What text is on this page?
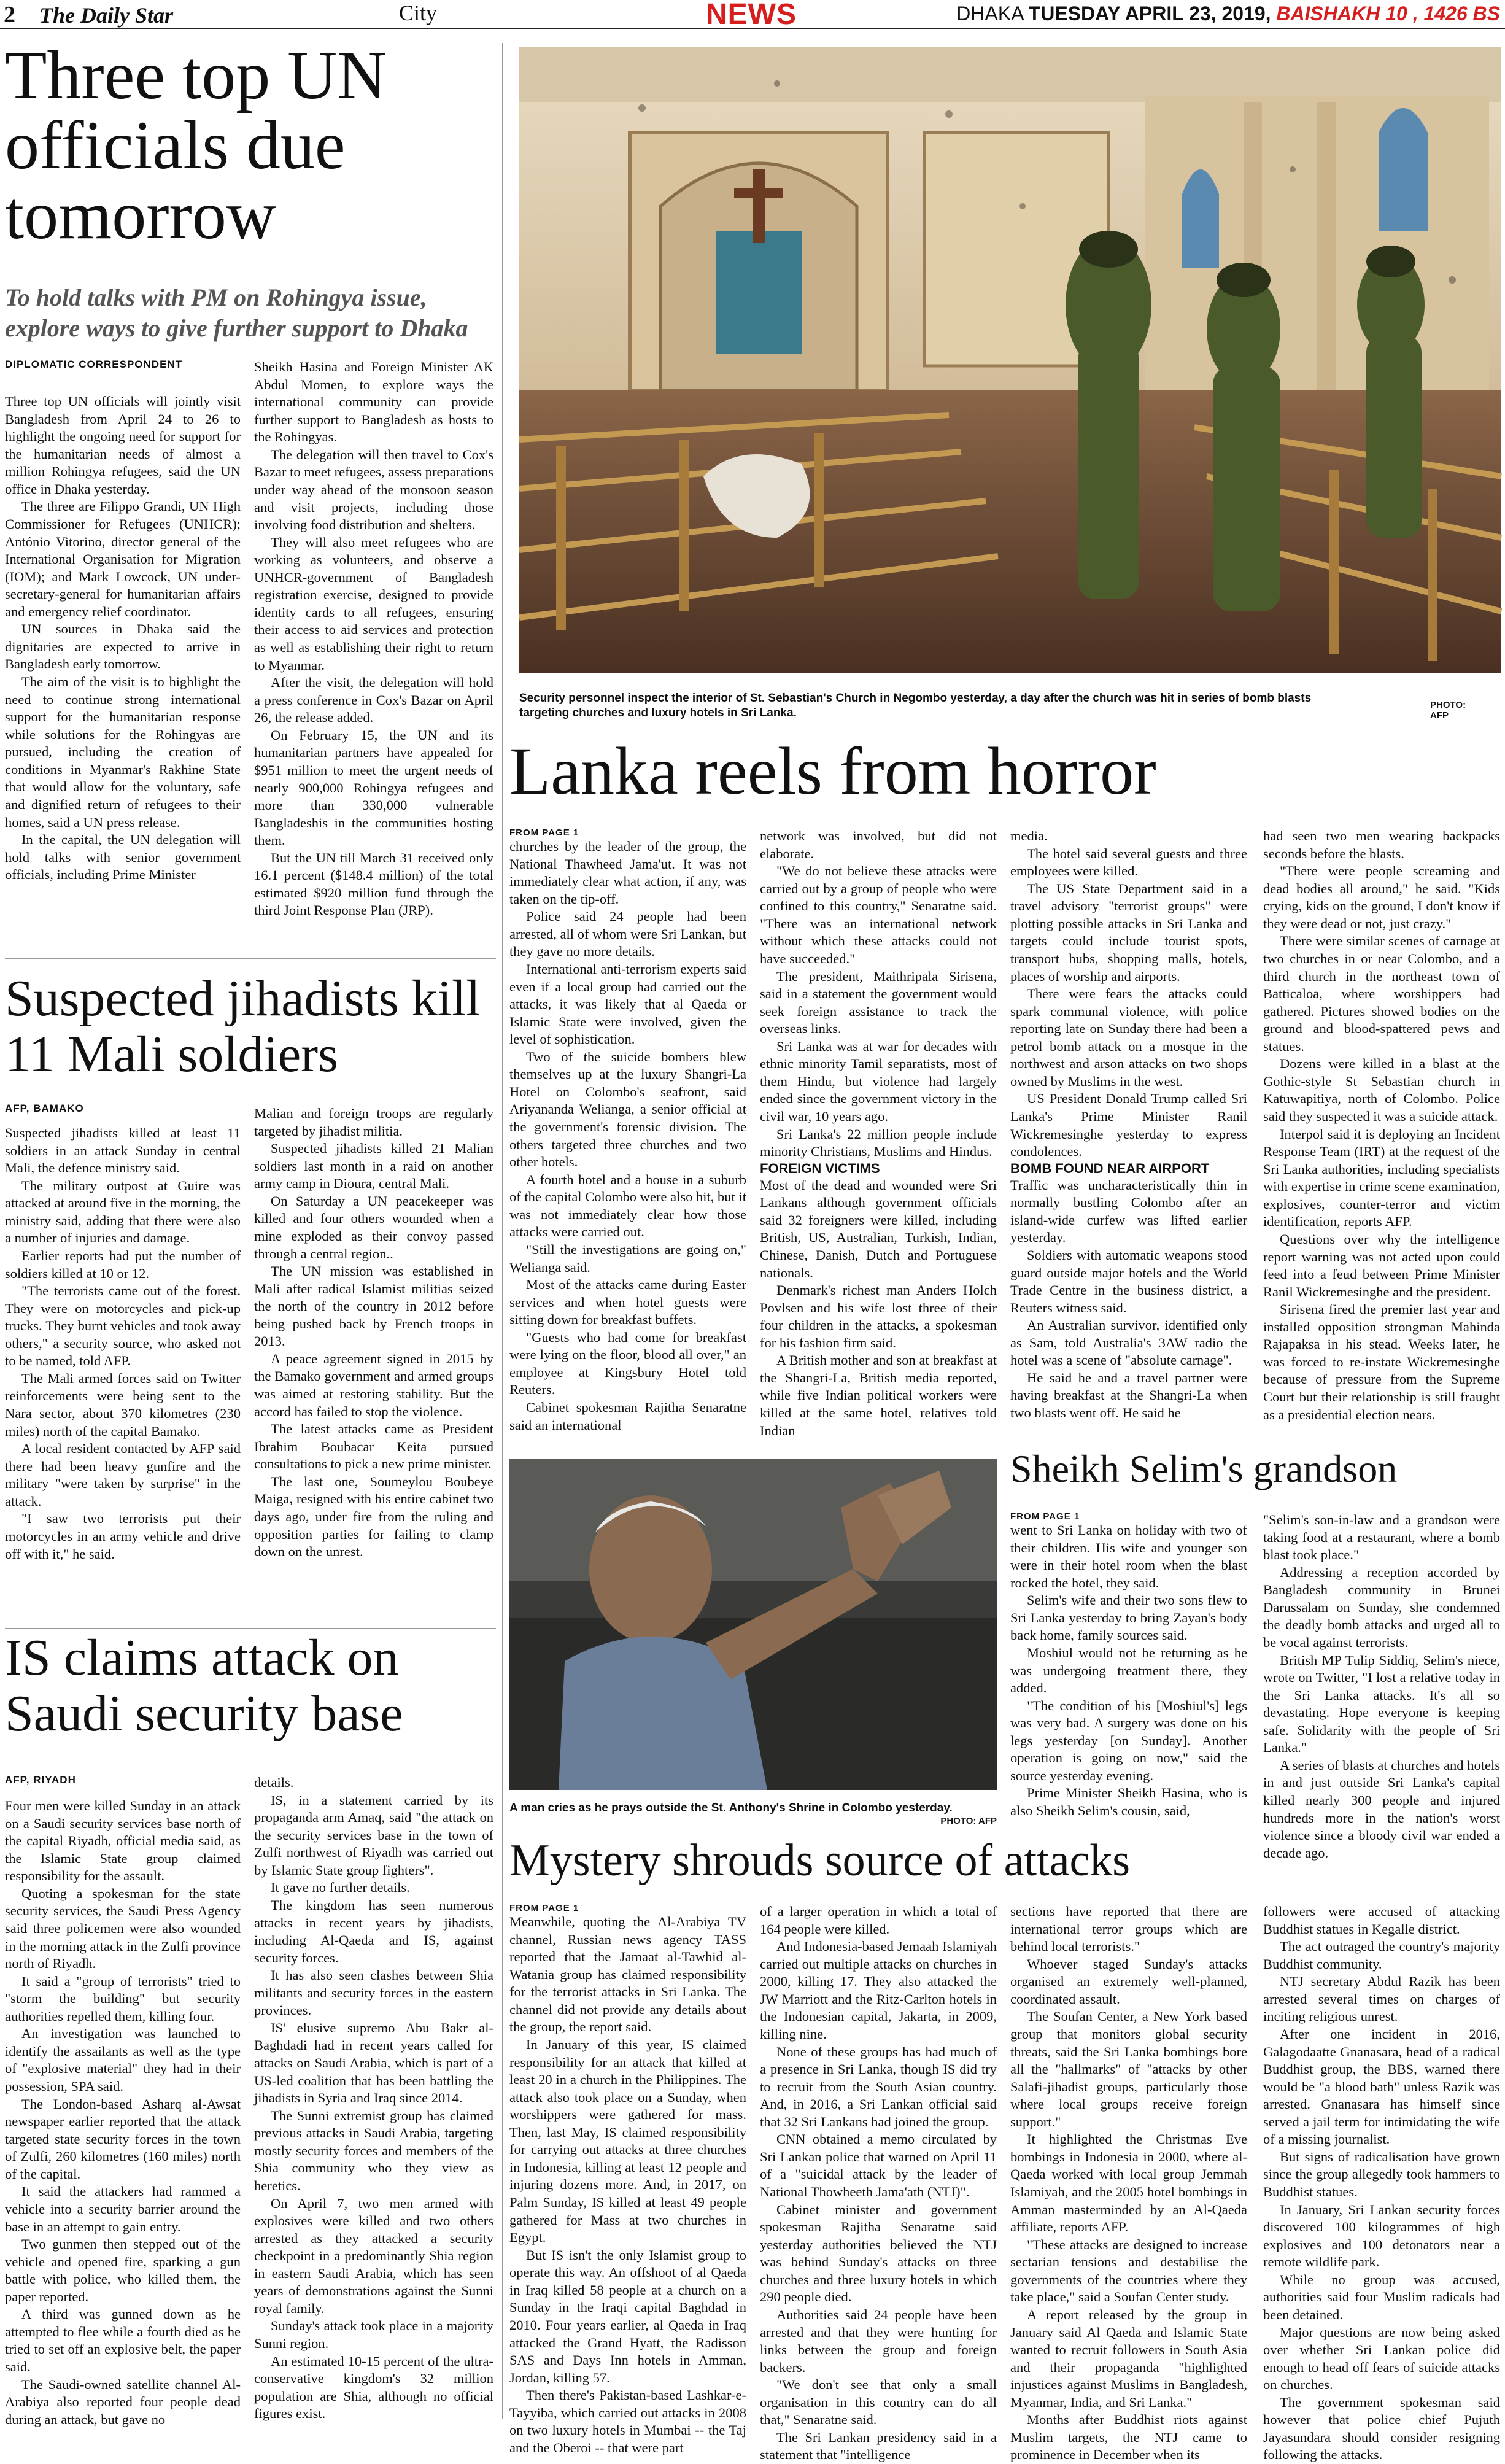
2 The Daily Star	City	NEWS	DHAKA TUESDAY APRIL 23, 2019, BAISHAKH 10 , 1426 BS
Three top UN officials due tomorrow
To hold talks with PM on Rohingya issue, explore ways to give further support to Dhaka
DIPLOMATIC CORRESPONDENT

Three top UN officials will jointly visit Bangladesh from April 24 to 26 to highlight the ongoing need for support for the humanitarian needs of almost a million Rohingya refugees, said the UN office in Dhaka yesterday.

The three are Filippo Grandi, UN High Commissioner for Refugees (UNHCR); António Vitorino, director general of the International Organisation for Migration (IOM); and Mark Lowcock, UN under-secretary-general for humanitarian affairs and emergency relief coordinator.

UN sources in Dhaka said the dignitaries are expected to arrive in Bangladesh early tomorrow.

The aim of the visit is to highlight the need to continue strong international support for the humanitarian response while solutions for the Rohingyas are pursued, including the creation of conditions in Myanmar's Rakhine State that would allow for the voluntary, safe and dignified return of refugees to their homes, said a UN press release.

In the capital, the UN delegation will hold talks with senior government officials, including Prime Minister

Sheikh Hasina and Foreign Minister AK Abdul Momen, to explore ways the international community can provide further support to Bangladesh as hosts to the Rohingyas.

The delegation will then travel to Cox's Bazar to meet refugees, assess preparations under way ahead of the monsoon season and visit projects, including those involving food distribution and shelters.

They will also meet refugees who are working as volunteers, and observe a UNHCR-government of Bangladesh registration exercise, designed to provide identity cards to all refugees, ensuring their access to aid services and protection as well as establishing their right to return to Myanmar.

After the visit, the delegation will hold a press conference in Cox's Bazar on April 26, the release added.

On February 15, the UN and its humanitarian partners have appealed for $951 million to meet the urgent needs of nearly 900,000 Rohingya refugees and more than 330,000 vulnerable Bangladeshis in the communities hosting them.

But the UN till March 31 received only 16.1 percent ($148.4 million) of the total estimated $920 million fund through the third Joint Response Plan (JRP).

Suspected jihadists kill 11 Mali soldiers
AFP, BAMAKO

Suspected jihadists killed at least 11 soldiers in an attack Sunday in central Mali, the defence ministry said.

The military outpost at Guire was attacked at around five in the morning, the ministry said, adding that there were also a number of injuries and damage.

Earlier reports had put the number of soldiers killed at 10 or 12.

"The terrorists came out of the forest. They were on motorcycles and pick-up trucks. They burnt vehicles and took away others," a security source, who asked not to be named, told AFP.

The Mali armed forces said on Twitter reinforcements were being sent to the Nara sector, about 370 kilometres (230 miles) north of the capital Bamako.

A local resident contacted by AFP said there had been heavy gunfire and the military "were taken by surprise" in the attack.

"I saw two terrorists put their motorcycles in an army vehicle and drive off with it," he said.

Malian and foreign troops are regularly targeted by jihadist militia.

Suspected jihadists killed 21 Malian soldiers last month in a raid on another army camp in Dioura, central Mali.

On Saturday a UN peacekeeper was killed and four others wounded when a mine exploded as their convoy passed through a central region..

The UN mission was established in Mali after radical Islamist militias seized the north of the country in 2012 before being pushed back by French troops in 2013.

A peace agreement signed in 2015 by the Bamako government and armed groups was aimed at restoring stability. But the accord has failed to stop the violence.

The latest attacks came as President Ibrahim Boubacar Keita pursued consultations to pick a new prime minister.

The last one, Soumeylou Boubeye Maiga, resigned with his entire cabinet two days ago, under fire from the ruling and opposition parties for failing to clamp down on the unrest.

IS claims attack on Saudi security base
AFP, RIYADH

Four men were killed Sunday in an attack on a Saudi security services base north of the capital Riyadh, official media said, as the Islamic State group claimed responsibility for the assault.

Quoting a spokesman for the state security services, the Saudi Press Agency said three policemen were also wounded in the morning attack in the Zulfi province north of Riyadh.

It said a "group of terrorists" tried to "storm the building" but security authorities repelled them, killing four.

An investigation was launched to identify the assailants as well as the type of "explosive material" they had in their possession, SPA said.

The London-based Asharq al-Awsat newspaper earlier reported that the attack targeted state security forces in the town of Zulfi, 260 kilometres (160 miles) north of the capital.

It said the attackers had rammed a vehicle into a security barrier around the base in an attempt to gain entry.

Two gunmen then stepped out of the vehicle and opened fire, sparking a gun battle with police, who killed them, the paper reported.

A third was gunned down as he attempted to flee while a fourth died as he tried to set off an explosive belt, the paper said.

The Saudi-owned satellite channel Al-Arabiya also reported four people dead during an attack, but gave no

details.

IS, in a statement carried by its propaganda arm Amaq, said "the attack on the security services base in the town of Zulfi northwest of Riyadh was carried out by Islamic State group fighters".

It gave no further details.

The kingdom has seen numerous attacks in recent years by jihadists, including Al-Qaeda and IS, against security forces.

It has also seen clashes between Shia militants and security forces in the eastern provinces.

IS' elusive supremo Abu Bakr al-Baghdadi had in recent years called for attacks on Saudi Arabia, which is part of a US-led coalition that has been battling the jihadists in Syria and Iraq since 2014.

The Sunni extremist group has claimed previous attacks in Saudi Arabia, targeting mostly security forces and members of the Shia community who they view as heretics.

On April 7, two men armed with explosives were killed and two others arrested as they attacked a security checkpoint in a predominantly Shia region in eastern Saudi Arabia, which has seen years of demonstrations against the Sunni royal family.

Sunday's attack took place in a majority Sunni region.

An estimated 10-15 percent of the ultra-conservative kingdom's 32 million population are Shia, although no official figures exist.

Security personnel inspect the interior of St. Sebastian's Church in Negombo yesterday, a day after the church was hit in series of bomb blasts targeting churches and luxury hotels in Sri Lanka.
PHOTO:
AFP
Lanka reels from horror
FROM PAGE 1

churches by the leader of the group, the National Thawheed Jama'ut. It was not immediately clear what action, if any, was taken on the tip-off.

Police said 24 people had been arrested, all of whom were Sri Lankan, but they gave no more details.

International anti-terrorism experts said even if a local group had carried out the attacks, it was likely that al Qaeda or Islamic State were involved, given the level of sophistication.

Two of the suicide bombers blew themselves up at the luxury Shangri-La Hotel on Colombo's seafront, said Ariyananda Welianga, a senior official at the government's forensic division. The others targeted three churches and two other hotels.

A fourth hotel and a house in a suburb of the capital Colombo were also hit, but it was not immediately clear how those attacks were carried out.

"Still the investigations are going on," Welianga said.

Most of the attacks came during Easter services and when hotel guests were sitting down for breakfast buffets.

"Guests who had come for breakfast were lying on the floor, blood all over," an employee at Kingsbury Hotel told Reuters.

Cabinet spokesman Rajitha Senaratne said an international

network was involved, but did not elaborate.

"We do not believe these attacks were carried out by a group of people who were confined to this country," Senaratne said. "There was an international network without which these attacks could not have succeeded."

The president, Maithripala Sirisena, said in a statement the government would seek foreign assistance to track the overseas links.

Sri Lanka was at war for decades with ethnic minority Tamil separatists, most of them Hindu, but violence had largely ended since the government victory in the civil war, 10 years ago.

Sri Lanka's 22 million people include minority Christians, Muslims and Hindus.

FOREIGN VICTIMS

Most of the dead and wounded were Sri Lankans although government officials said 32 foreigners were killed, including British, US, Australian, Turkish, Indian, Chinese, Danish, Dutch and Portuguese nationals.

Denmark's richest man Anders Holch Povlsen and his wife lost three of their four children in the attacks, a spokesman for his fashion firm said.

A British mother and son at breakfast at the Shangri-La, British media reported, while five Indian political workers were killed at the same hotel, relatives told Indian

media.

The hotel said several guests and three employees were killed.

The US State Department said in a travel advisory "terrorist groups" were plotting possible attacks in Sri Lanka and targets could include tourist spots, transport hubs, shopping malls, hotels, places of worship and airports.

There were fears the attacks could spark communal violence, with police reporting late on Sunday there had been a petrol bomb attack on a mosque in the northwest and arson attacks on two shops owned by Muslims in the west.

US President Donald Trump called Sri Lanka's Prime Minister Ranil Wickremesinghe yesterday to express condolences.

BOMB FOUND NEAR AIRPORT

Traffic was uncharacteristically thin in normally bustling Colombo after an island-wide curfew was lifted earlier yesterday.

Soldiers with automatic weapons stood guard outside major hotels and the World Trade Centre in the business district, a Reuters witness said.

An Australian survivor, identified only as Sam, told Australia's 3AW radio the hotel was a scene of "absolute carnage".

He said he and a travel partner were having breakfast at the Shangri-La when two blasts went off. He said he

had seen two men wearing backpacks seconds before the blasts.

"There were people screaming and dead bodies all around," he said. "Kids crying, kids on the ground, I don't know if they were dead or not, just crazy."

There were similar scenes of carnage at two churches in or near Colombo, and a third church in the northeast town of Batticaloa, where worshippers had gathered. Pictures showed bodies on the ground and blood-spattered pews and statues.

Dozens were killed in a blast at the Gothic-style St Sebastian church in Katuwapitiya, north of Colombo. Police said they suspected it was a suicide attack.

Interpol said it is deploying an Incident Response Team (IRT) at the request of the Sri Lanka authorities, including specialists with expertise in crime scene examination, explosives, counter-terror and victim identification, reports AFP.

Questions over why the intelligence report warning was not acted upon could feed into a feud between Prime Minister Ranil Wickremesinghe and the president.

Sirisena fired the premier last year and installed opposition strongman Mahinda Rajapaksa in his stead. Weeks later, he was forced to re-instate Wickremesinghe because of pressure from the Supreme Court but their relationship is still fraught as a presidential election nears.

A man cries as he prays outside the St. Anthony's Shrine in Colombo yesterday.
PHOTO: AFP
Sheikh Selim's grandson
FROM PAGE 1

went to Sri Lanka on holiday with two of their children. His wife and younger son were in their hotel room when the blast rocked the hotel, they said.

Selim's wife and their two sons flew to Sri Lanka yesterday to bring Zayan's body back home, family sources said.

Moshiul would not be returning as he was undergoing treatment there, they added.

"The condition of his [Moshiul's] legs was very bad. A surgery was done on his legs yesterday [on Sunday]. Another operation is going on now," said the source yesterday evening.

Prime Minister Sheikh Hasina, who is also Sheikh Selim's cousin, said,

"Selim's son-in-law and a grandson were taking food at a restaurant, where a bomb blast took place."

Addressing a reception accorded by Bangladesh community in Brunei Darussalam on Sunday, she condemned the deadly bomb attacks and urged all to be vocal against terrorists.

British MP Tulip Siddiq, Selim's niece, wrote on Twitter, "I lost a relative today in the Sri Lanka attacks. It's all so devastating. Hope everyone is keeping safe. Solidarity with the people of Sri Lanka."

A series of blasts at churches and hotels in and just outside Sri Lanka's capital killed nearly 300 people and injured hundreds more in the nation's worst violence since a bloody civil war ended a decade ago.

Mystery shrouds source of attacks
FROM PAGE 1

Meanwhile, quoting the Al-Arabiya TV channel, Russian news agency TASS reported that the Jamaat al-Tawhid al-Watania group has claimed responsibility for the terrorist attacks in Sri Lanka. The channel did not provide any details about the group, the report said.

In January of this year, IS claimed responsibility for an attack that killed at least 20 in a church in the Philippines. The attack also took place on a Sunday, when worshippers were gathered for mass. Then, last May, IS claimed responsibility for carrying out attacks at three churches in Indonesia, killing at least 12 people and injuring dozens more. And, in 2017, on Palm Sunday, IS killed at least 49 people gathered for Mass at two churches in Egypt.

But IS isn't the only Islamist group to operate this way. An offshoot of al Qaeda in Iraq killed 58 people at a church on a Sunday in the Iraqi capital Baghdad in 2010. Four years earlier, al Qaeda in Iraq attacked the Grand Hyatt, the Radisson SAS and Days Inn hotels in Amman, Jordan, killing 57.

Then there's Pakistan-based Lashkar-e-Tayyiba, which carried out attacks in 2008 on two luxury hotels in Mumbai -- the Taj and the Oberoi -- that were part

of a larger operation in which a total of 164 people were killed.

And Indonesia-based Jemaah Islamiyah carried out multiple attacks on churches in 2000, killing 17. They also attacked the JW Marriott and the Ritz-Carlton hotels in the Indonesian capital, Jakarta, in 2009, killing nine.

None of these groups has had much of a presence in Sri Lanka, though IS did try to recruit from the South Asian country. And, in 2016, a Sri Lankan official said that 32 Sri Lankans had joined the group.

CNN obtained a memo circulated by Sri Lankan police that warned on April 11 of a "suicidal attack by the leader of National Thowheeth Jama'ath (NTJ)".

Cabinet minister and government spokesman Rajitha Senaratne said yesterday authorities believed the NTJ was behind Sunday's attacks on three churches and three luxury hotels in which 290 people died.

Authorities said 24 people have been arrested and that they were hunting for links between the group and foreign backers.

"We don't see that only a small organisation in this country can do all that," Senaratne said.

The Sri Lankan presidency said in a statement that "intelligence

sections have reported that there are international terror groups which are behind local terrorists."

Whoever staged Sunday's attacks organised an extremely well-planned, coordinated assault.

The Soufan Center, a New York based group that monitors global security threats, said the Sri Lanka bombings bore all the "hallmarks" of "attacks by other Salafi-jihadist groups, particularly those where local groups receive foreign support."

It highlighted the Christmas Eve bombings in Indonesia in 2000, where al-Qaeda worked with local group Jemmah Islamiyah, and the 2005 hotel bombings in Amman masterminded by an Al-Qaeda affiliate, reports AFP.

"These attacks are designed to increase sectarian tensions and destabilise the governments of the countries where they take place," said a Soufan Center study.

A report released by the group in January said Al Qaeda and Islamic State wanted to recruit followers in South Asia and their propaganda "highlighted injustices against Muslims in Bangladesh, Myanmar, India, and Sri Lanka."

Months after Buddhist riots against Muslim targets, the NTJ came to prominence in December when its

followers were accused of attacking Buddhist statues in Kegalle district.

The act outraged the country's majority Buddhist community.

NTJ secretary Abdul Razik has been arrested several times on charges of inciting religious unrest.

After one incident in 2016, Galagodaatte Gnanasara, head of a radical Buddhist group, the BBS, warned there would be "a blood bath" unless Razik was arrested. Gnanasara has himself since served a jail term for intimidating the wife of a missing journalist.

But signs of radicalisation have grown since the group allegedly took hammers to Buddhist statues.

In January, Sri Lankan security forces discovered 100 kilogrammes of high explosives and 100 detonators near a remote wildlife park.

While no group was accused, authorities said four Muslim radicals had been detained.

Major questions are now being asked over whether Sri Lankan police did enough to head off fears of suicide attacks on churches.

The government spokesman said however that police chief Pujuth Jayasundara should consider resigning following the attacks.
